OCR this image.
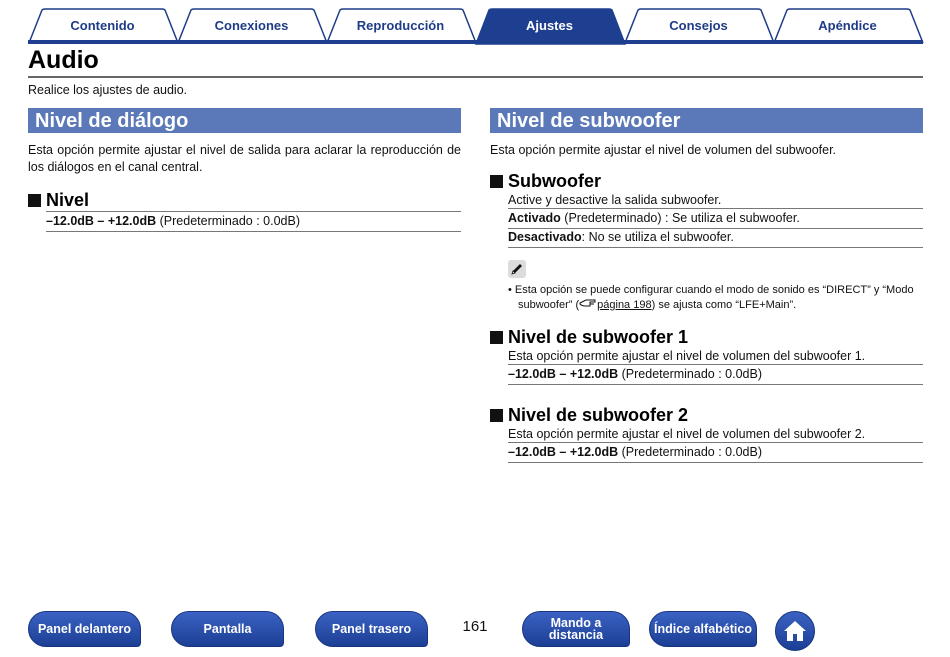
Contenido	Conexiones	Reproducción	Ajustes	Consejos	Apéndice
Audio
Realice los ajustes de audio.
Nivel de diálogo
Esta opción permite ajustar el nivel de salida para aclarar la reproducción de los diálogos en el canal central.
Nivel
–12.0dB – +12.0dB (Predeterminado : 0.0dB)
Nivel de subwoofer
Esta opción permite ajustar el nivel de volumen del subwoofer.
Subwoofer
Active y desactive la salida subwoofer.
Activado (Predeterminado) : Se utiliza el subwoofer.
Desactivado: No se utiliza el subwoofer.
• Esta opción se puede configurar cuando el modo de sonido es “DIRECT” y “Modo subwoofer” ( página 198) se ajusta como “LFE+Main”.
Nivel de subwoofer 1
Esta opción permite ajustar el nivel de volumen del subwoofer 1.
–12.0dB – +12.0dB (Predeterminado : 0.0dB)
Nivel de subwoofer 2
Esta opción permite ajustar el nivel de volumen del subwoofer 2.
–12.0dB – +12.0dB (Predeterminado : 0.0dB)
Panel delantero	Pantalla	Panel trasero	161	Mando a
distancia	Índice alfabético
